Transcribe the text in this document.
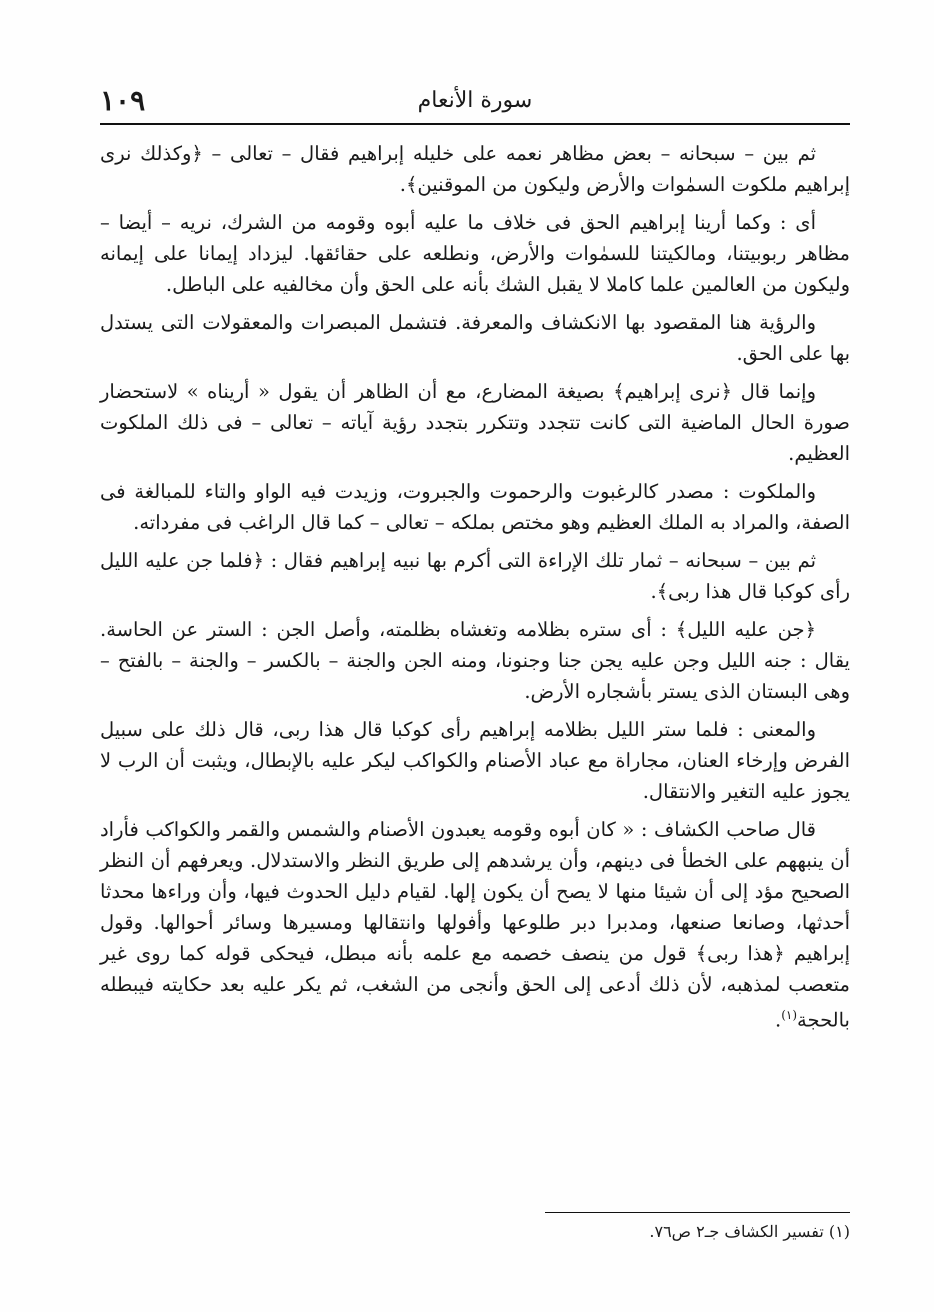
١٠٩	سورة الأنعام

ثم بين – سبحانه – بعض مظاهر نعمه على خليله إبراهيم فقال – تعالى – ﴿وكذلك نرى إبراهيم ملكوت السمٰوات والأرض وليكون من الموقنين﴾.

أى : وكما أرينا إبراهيم الحق فى خلاف ما عليه أبوه وقومه من الشرك، نريه – أيضا – مظاهر ربوبيتنا، ومالكيتنا للسمٰوات والأرض، ونطلعه على حقائقها. ليزداد إيمانا على إيمانه وليكون من العالمين علما كاملا لا يقبل الشك بأنه على الحق وأن مخالفيه على الباطل.

والرؤية هنا المقصود بها الانكشاف والمعرفة. فتشمل المبصرات والمعقولات التى يستدل بها على الحق.

وإنما قال ﴿نرى إبراهيم﴾ بصيغة المضارع، مع أن الظاهر أن يقول « أريناه » لاستحضار صورة الحال الماضية التى كانت تتجدد وتتكرر بتجدد رؤية آياته – تعالى – فى ذلك الملكوت العظيم.

والملكوت : مصدر كالرغبوت والرحموت والجبروت، وزيدت فيه الواو والتاء للمبالغة فى الصفة، والمراد به الملك العظيم وهو مختص بملكه – تعالى – كما قال الراغب فى مفرداته.

ثم بين – سبحانه – ثمار تلك الإراءة التى أكرم بها نبيه إبراهيم فقال : ﴿فلما جن عليه الليل رأى كوكبا قال هذا ربى﴾.

﴿جن عليه الليل﴾ : أى ستره بظلامه وتغشاه بظلمته، وأصل الجن : الستر عن الحاسة. يقال : جنه الليل وجن عليه يجن جنا وجنونا، ومنه الجن والجنة – بالكسر – والجنة – بالفتح – وهى البستان الذى يستر بأشجاره الأرض.

والمعنى : فلما ستر الليل بظلامه إبراهيم رأى كوكبا قال هذا ربى، قال ذلك على سبيل الفرض وإرخاء العنان، مجاراة مع عباد الأصنام والكواكب ليكر عليه بالإبطال، ويثبت أن الرب لا يجوز عليه التغير والانتقال.

قال صاحب الكشاف : « كان أبوه وقومه يعبدون الأصنام والشمس والقمر والكواكب فأراد أن ينبههم على الخطأ فى دينهم، وأن يرشدهم إلى طريق النظر والاستدلال. ويعرفهم أن النظر الصحيح مؤد إلى أن شيئا منها لا يصح أن يكون إلها. لقيام دليل الحدوث فيها، وأن وراءها محدثا أحدثها، وصانعا صنعها، ومدبرا دبر طلوعها وأفولها وانتقالها ومسيرها وسائر أحوالها. وقول إبراهيم ﴿هذا ربى﴾ قول من ينصف خصمه مع علمه بأنه مبطل، فيحكى قوله كما روى غير متعصب لمذهبه، لأن ذلك أدعى إلى الحق وأنجى من الشغب، ثم يكر عليه بعد حكايته فيبطله بالحجة$^{(١)}$.

(١) تفسير الكشاف جـ٢ ص٧٦.
